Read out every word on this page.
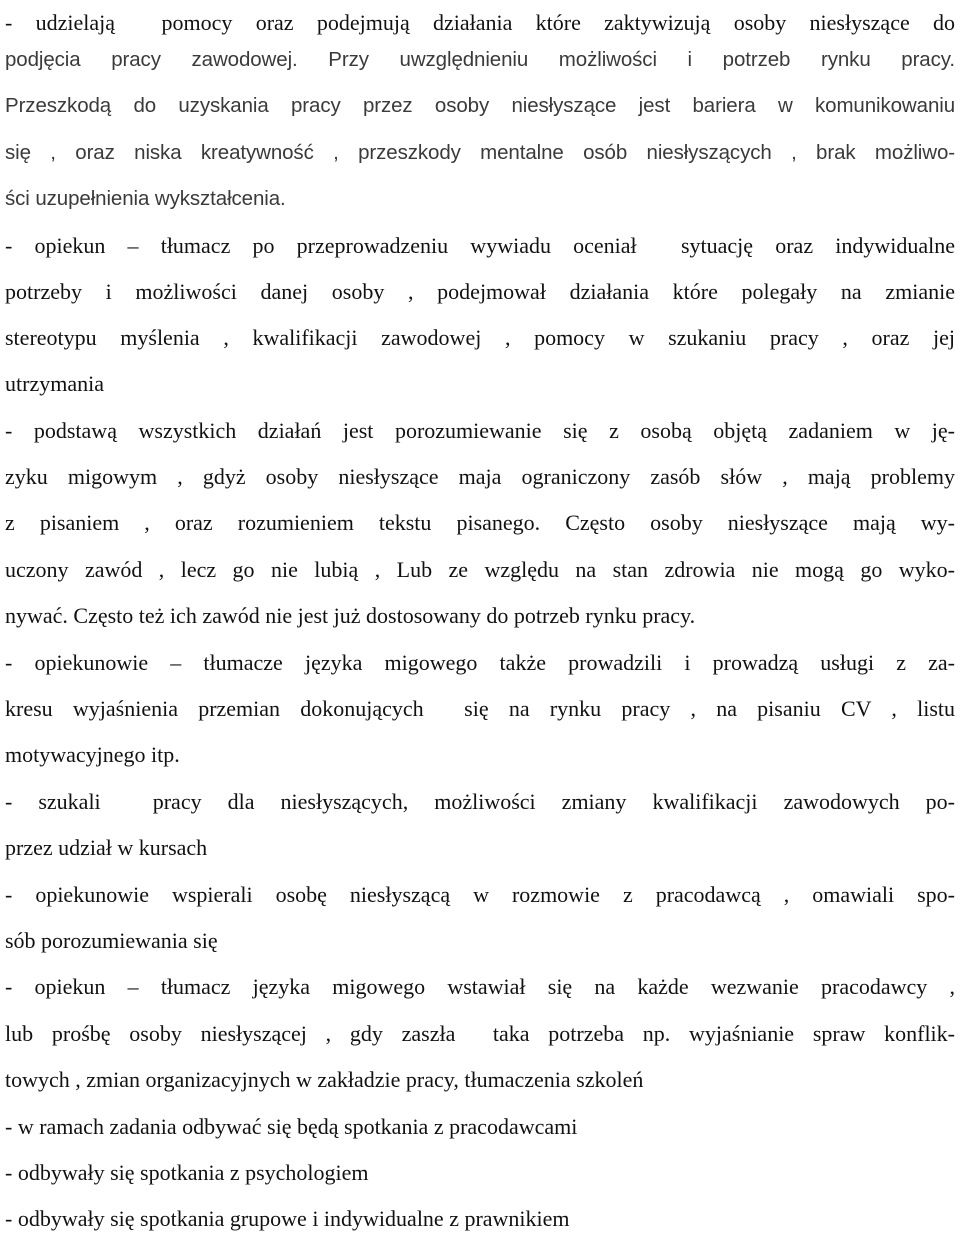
- udzielają  pomocy oraz podejmują działania które zaktywizują osoby niesłyszące do
podjęcia pracy zawodowej. Przy uwzględnieniu możliwości i potrzeb rynku pracy.
Przeszkodą do uzyskania pracy przez osoby niesłyszące jest bariera w komunikowaniu
się , oraz niska kreatywność , przeszkody mentalne osób niesłyszących , brak możliwo-
ści uzupełnienia wykształcenia.
- opiekun – tłumacz po przeprowadzeniu wywiadu oceniał  sytuację oraz indywidualne
potrzeby i możliwości danej osoby , podejmował działania które polegały na zmianie
stereotypu myślenia , kwalifikacji zawodowej , pomocy w szukaniu pracy , oraz jej
utrzymania
- podstawą wszystkich działań jest porozumiewanie się z osobą objętą zadaniem w ję-
zyku migowym , gdyż osoby niesłyszące maja ograniczony zasób słów , mają problemy
z pisaniem , oraz rozumieniem tekstu pisanego. Często osoby niesłyszące mają wy-
uczony zawód , lecz go nie lubią , Lub ze względu na stan zdrowia nie mogą go wyko-
nywać. Często też ich zawód nie jest już dostosowany do potrzeb rynku pracy.
- opiekunowie – tłumacze języka migowego także prowadzili i prowadzą usługi z za-
kresu wyjaśnienia przemian dokonujących  się na rynku pracy , na pisaniu CV , listu
motywacyjnego itp.
- szukali  pracy dla niesłyszących, możliwości zmiany kwalifikacji zawodowych po-
przez udział w kursach
- opiekunowie wspierali osobę niesłyszącą w rozmowie z pracodawcą , omawiali spo-
sób porozumiewania się
- opiekun – tłumacz języka migowego wstawiał się na każde wezwanie pracodawcy ,
lub prośbę osoby niesłyszącej , gdy zaszła  taka potrzeba np. wyjaśnianie spraw konflik-
towych , zmian organizacyjnych w zakładzie pracy, tłumaczenia szkoleń
- w ramach zadania odbywać się będą spotkania z pracodawcami
- odbywały się spotkania z psychologiem
- odbywały się spotkania grupowe i indywidualne z prawnikiem
